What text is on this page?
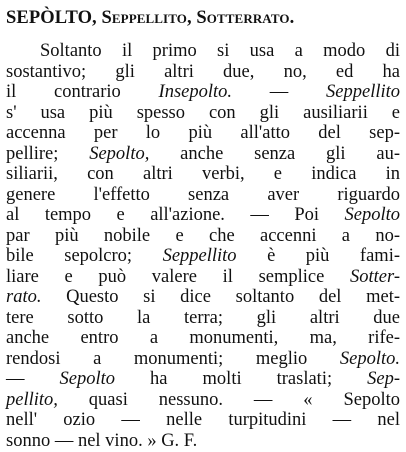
SEPÒLTO, Seppellito, Sotterrato.
Soltanto il primo si usa a modo di
sostantivo; gli altri due, no, ed ha
il contrario Insepolto. — Seppellito
s' usa più spesso con gli ausiliarii e
accenna per lo più all'atto del sep-
pellire; Sepolto, anche senza gli au-
siliarii, con altri verbi, e indica in
genere l'effetto senza aver riguardo
al tempo e all'azione. — Poi Sepolto
par più nobile e che accenni a no-
bile sepolcro; Seppellito è più fami-
liare e può valere il semplice Sotter-
rato. Questo si dice soltanto del met-
tere sotto la terra; gli altri due
anche entro a monumenti, ma, rife-
rendosi a monumenti; meglio Sepolto.
— Sepolto ha molti traslati; Sep-
pellito, quasi nessuno. — « Sepolto
nell' ozio — nelle turpitudini — nel
sonno — nel vino. » G. F.
